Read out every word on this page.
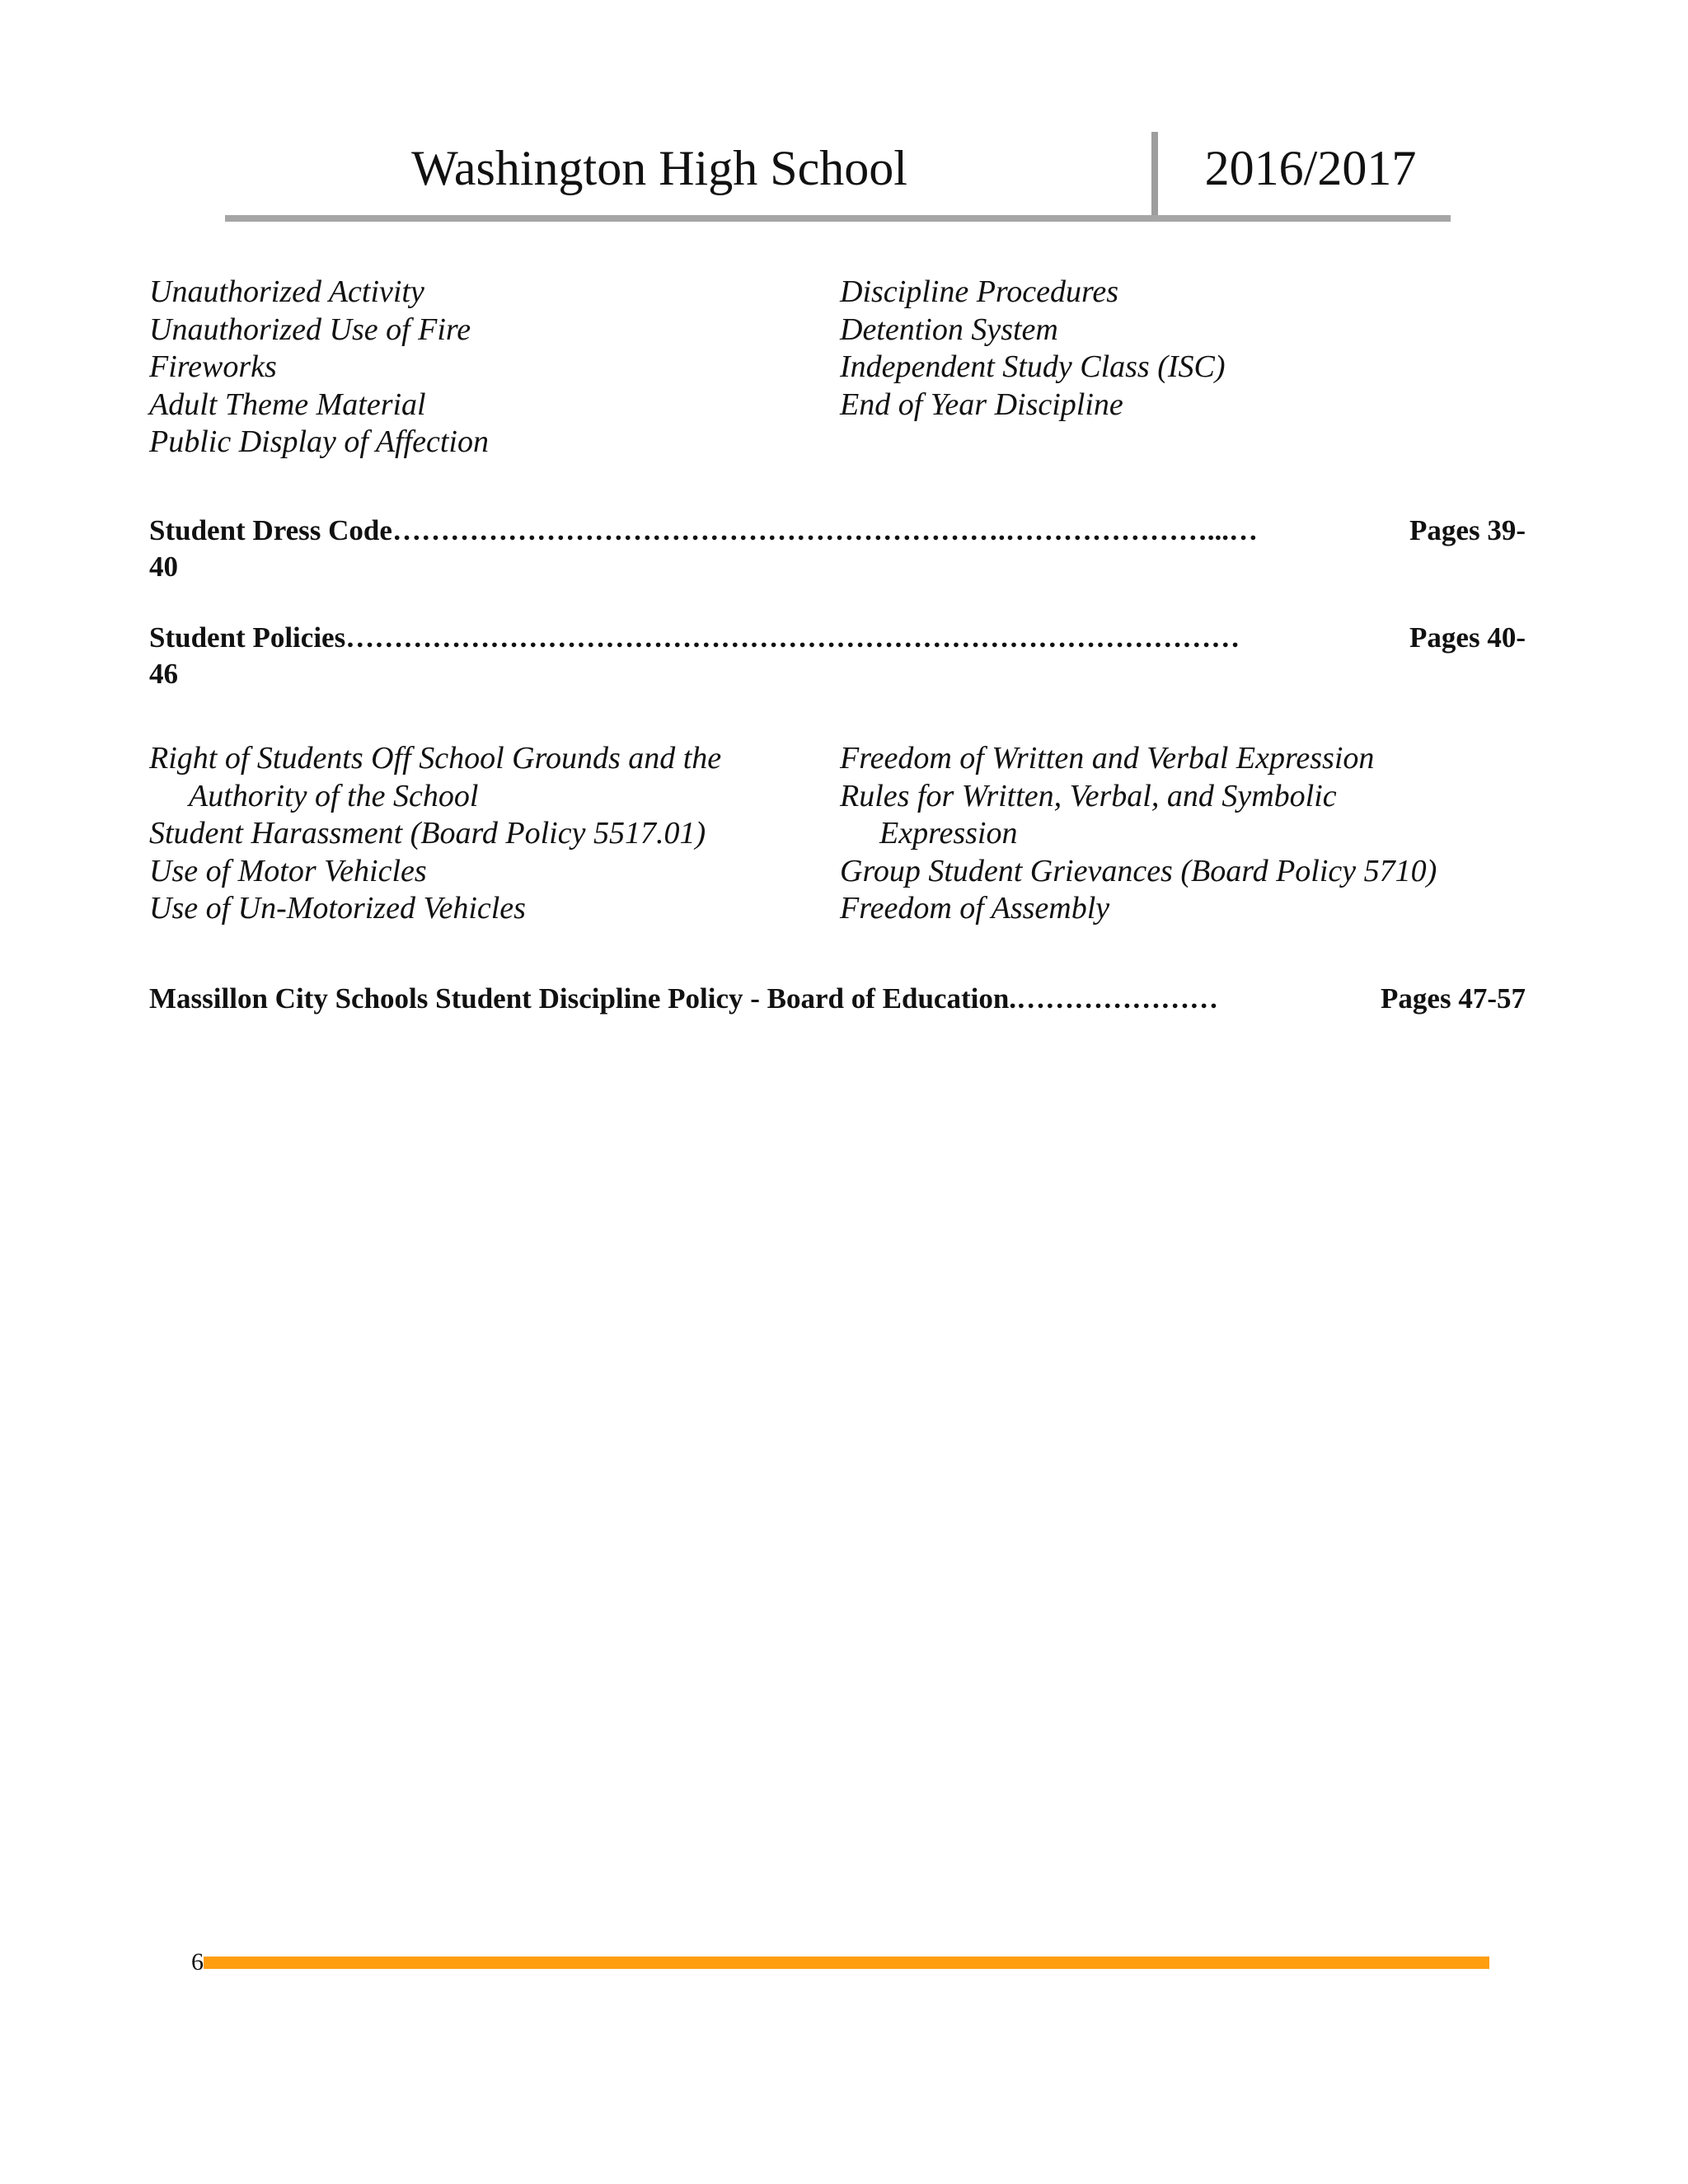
Washington High School	2016/2017
Unauthorized Activity
Unauthorized Use of Fire
Fireworks
Adult Theme Material
Public Display of Affection
Discipline Procedures
Detention System
Independent Study Class (ISC)
End of Year Discipline
Student Dress Code ……………………………………………………….…………………...…	Pages 39-
40
Student Policies …………………………………………………………………………………	Pages 40-
46
Right of Students Off School Grounds and the
Authority of the School
Student Harassment (Board Policy 5517.01)
Use of Motor Vehicles
Use of Un-Motorized Vehicles
Freedom of Written and Verbal Expression
Rules for Written, Verbal, and Symbolic
Expression
Group Student Grievances (Board Policy 5710)
Freedom of Assembly
Massillon City Schools Student Discipline Policy - Board of Education. …………………	Pages 47-57
6
